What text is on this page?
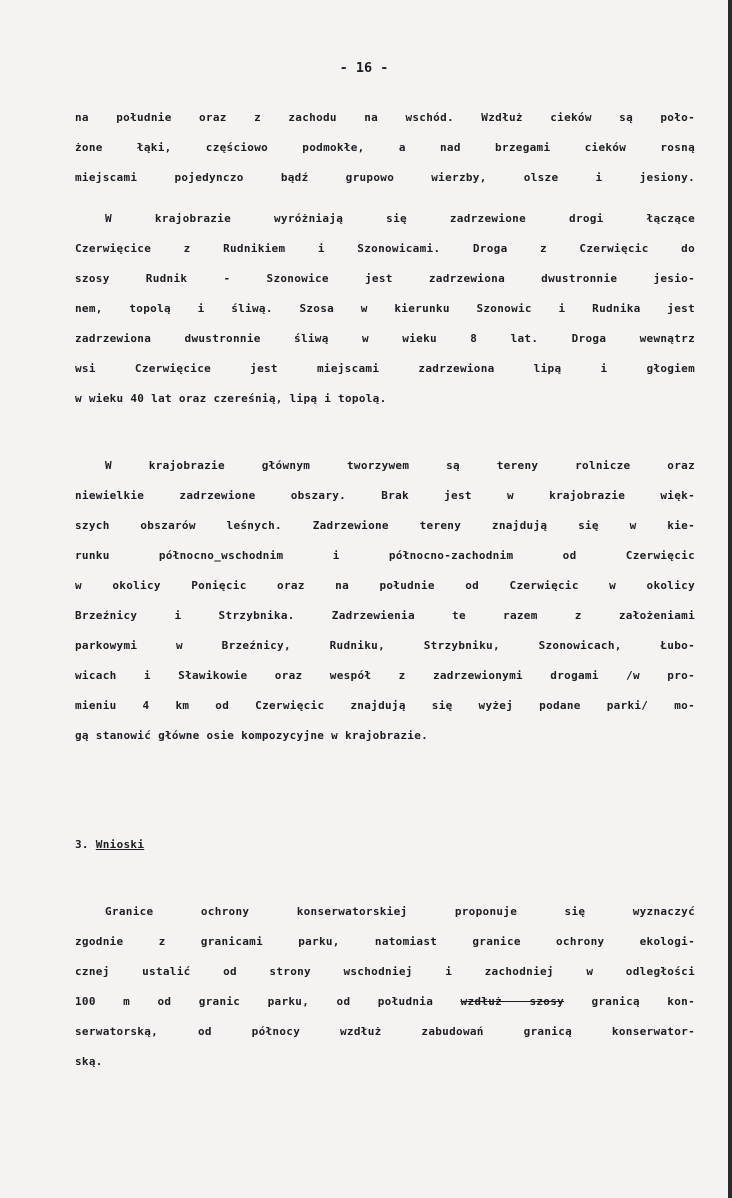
- 16 -
na południe oraz z zachodu na wschód. Wzdłuż cieków są poło-
żone łąki, częściowo podmokłe, a nad brzegami cieków rosną
miejscami pojedynczo bądź grupowo wierzby, olsze i jesiony.
W krajobrazie wyróżniają się zadrzewione drogi łączące
Czerwięcice z Rudnikiem i Szonowicami. Droga z Czerwięcic do
szosy Rudnik - Szonowice jest zadrzewiona dwustronnie jesio-
nem, topolą i śliwą. Szosa w kierunku Szonowic i Rudnika jest
zadrzewiona dwustronnie śliwą w wieku 8 lat. Droga wewnątrz
wsi Czerwięcice jest miejscami zadrzewiona lipą i głogiem
w wieku 40 lat oraz czereśnią, lipą i topolą.
W krajobrazie głównym tworzywem są tereny rolnicze oraz
niewielkie zadrzewione obszary. Brak jest w krajobrazie więk-
szych obszarów leśnych. Zadrzewione tereny znajdują się w kie-
runku północno_wschodnim i północno-zachodnim od Czerwięcic
w okolicy Ponięcic oraz na południe od Czerwięcic w okolicy
Brzeźnicy i Strzybnika. Zadrzewienia te razem z założeniami
parkowymi w Brzeźnicy, Rudniku, Strzybniku, Szonowicach, Łubo-
wicach i Sławikowie oraz wespół z zadrzewionymi drogami /w pro-
mieniu 4 km od Czerwięcic znajdują się wyżej podane parki/ mo-
gą stanowić główne osie kompozycyjne w krajobrazie.
3. Wnioski
Granice ochrony konserwatorskiej proponuje się wyznaczyć
zgodnie z granicami parku, natomiast granice ochrony ekologi-
cznej ustalić od strony wschodniej i zachodniej w odległości
100 m od granic parku, od południa wzdłuż szosy granicą kon-
serwatorską, od północy wzdłuż zabudowań granicą konserwator-
ską.
